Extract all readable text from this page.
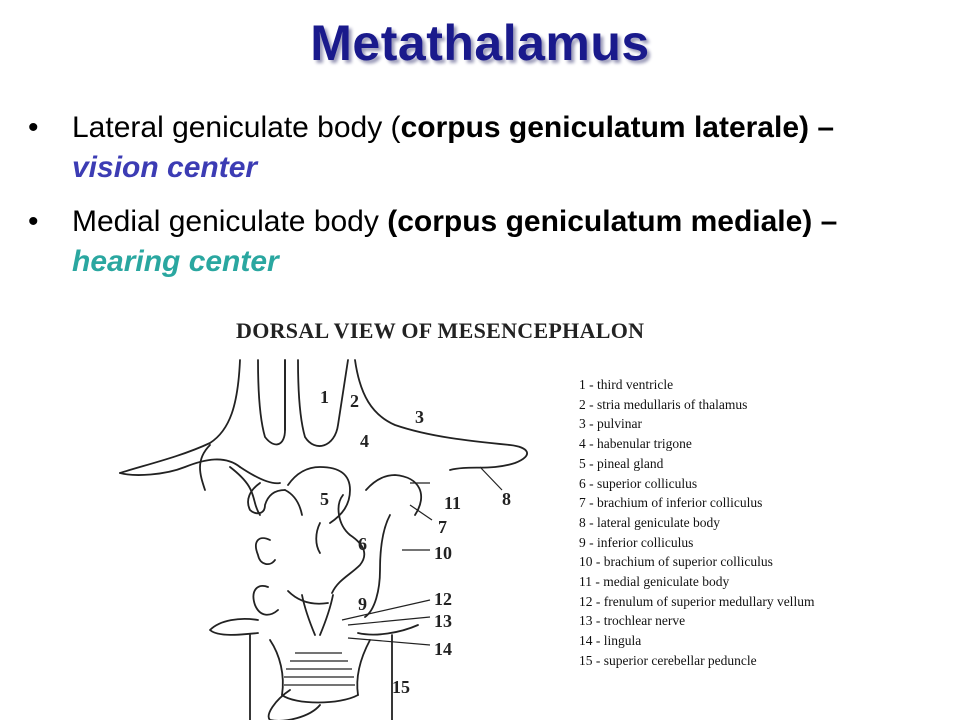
Metathalamus
• Lateral geniculate body (corpus geniculatum laterale) – vision center
• Medial geniculate body (corpus geniculatum mediale) – hearing center
DORSAL VIEW OF MESENCEPHALON
1 2
3
4
5
6
7
8
9
10
11
12
13
14
15
1 - third ventricle
2 - stria medullaris of thalamus
3 - pulvinar
4 - habenular trigone
5 - pineal gland
6 - superior colliculus
7 - brachium of inferior colliculus
8 - lateral geniculate body
9 - inferior colliculus
10 - brachium of superior colliculus
11 - medial geniculate body
12 - frenulum of superior medullary vellum
13 - trochlear nerve
14 - lingula
15 - superior cerebellar peduncle
